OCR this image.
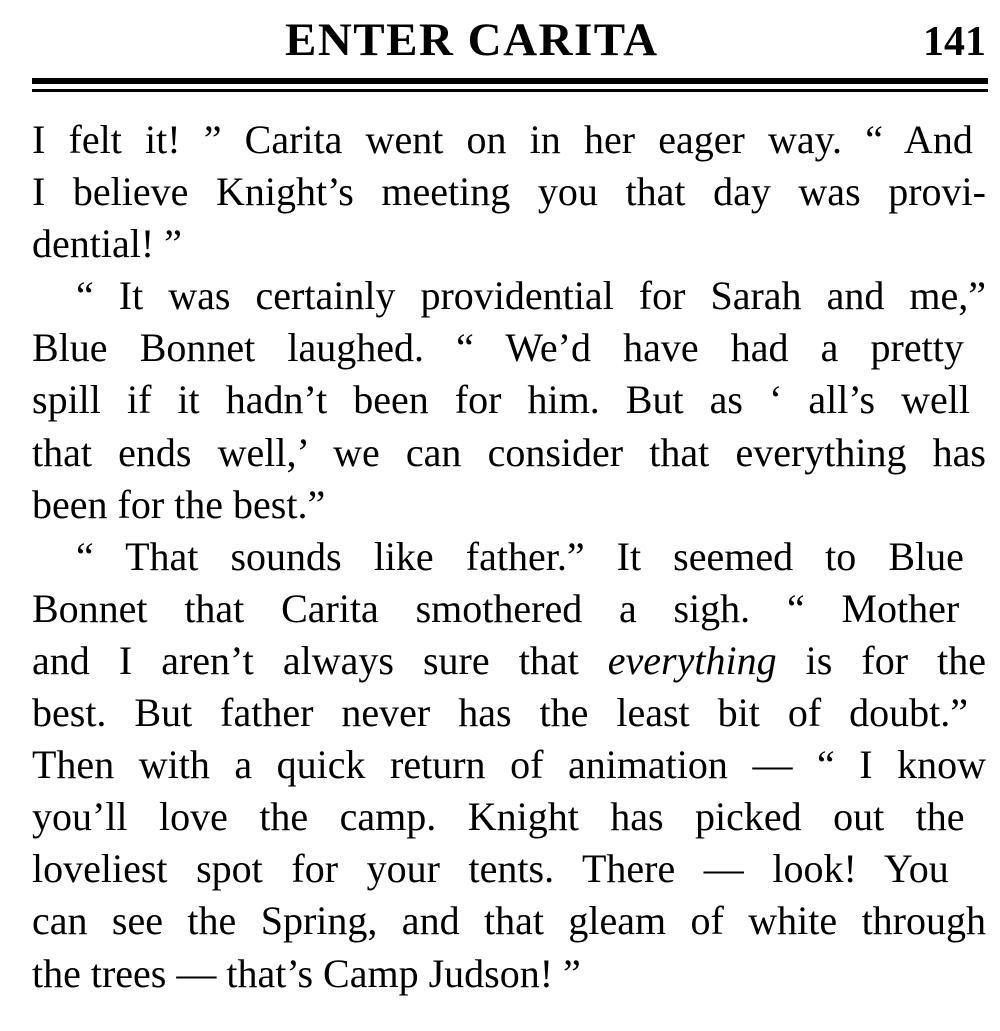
ENTER CARITA	141
I felt it! ” Carita went on in her eager way. “ And
I believe Knight’s meeting you that day was provi-
dential! ”
“ It was certainly providential for Sarah and me,”
Blue Bonnet laughed. “ We’d have had a pretty
spill if it hadn’t been for him. But as ‘ all’s well
that ends well,’ we can consider that everything has
been for the best.”
“ That sounds like father.” It seemed to Blue
Bonnet that Carita smothered a sigh. “ Mother
and I aren’t always sure that everything is for the
best. But father never has the least bit of doubt.”
Then with a quick return of animation — “ I know
you’ll love the camp. Knight has picked out the
loveliest spot for your tents. There — look! You
can see the Spring, and that gleam of white through
the trees — that’s Camp Judson! ”
